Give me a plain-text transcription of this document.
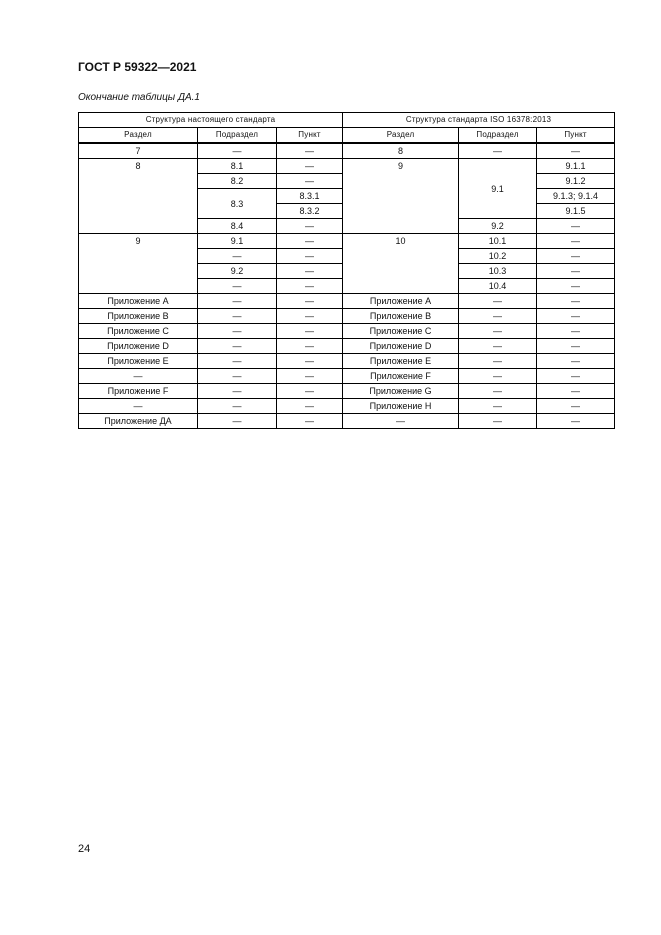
ГОСТ Р 59322—2021

Окончание таблицы ДА.1

Структура настоящего стандарта			Структура стандарта ISO 16378:2013		
Раздел	Подраздел	Пункт	Раздел	Подраздел	Пункт
7	—	—	8	—	—
8	8.1	—	9	9.1	9.1.1
	8.2	—			9.1.2
	8.3	8.3.1			9.1.3; 9.1.4
		8.3.2			9.1.5
	8.4	—		9.2	—
9	9.1	—	10	10.1	—
	—	—		10.2	—
	9.2	—		10.3	—
	—	—		10.4	—
Приложение А	—	—	Приложение А	—	—
Приложение B	—	—	Приложение B	—	—
Приложение C	—	—	Приложение C	—	—
Приложение D	—	—	Приложение D	—	—
Приложение E	—	—	Приложение E	—	—
—	—	—	Приложение F	—	—
Приложение F	—	—	Приложение G	—	—
—	—	—	Приложение H	—	—
Приложение ДА	—	—	—	—	—

24
